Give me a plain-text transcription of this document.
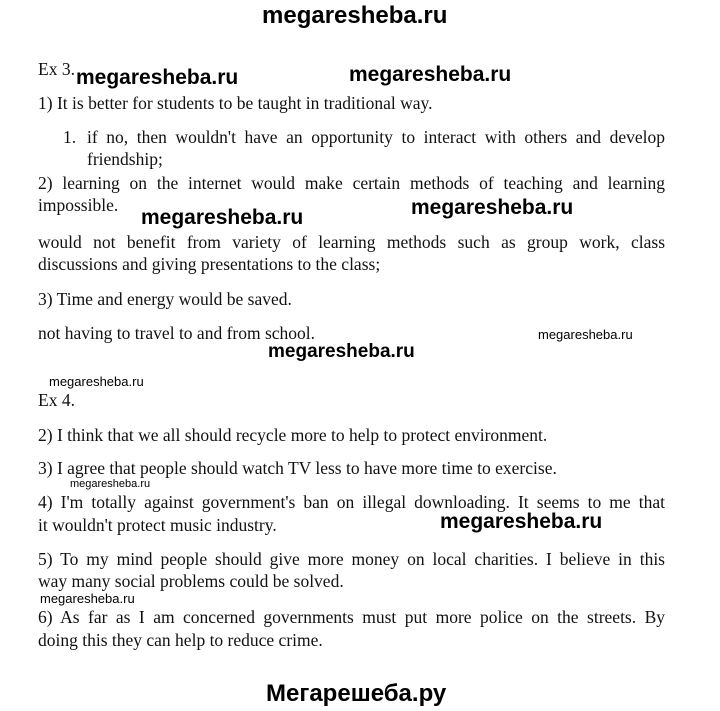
megaresheba.ru
Ex 3. megaresheba.ru	megaresheba.ru
1) It is better for students to be taught in traditional way.
1. if no, then wouldn't have an opportunity to interact with others and develop
friendship;
2) learning on the internet would make certain methods of teaching and learning
impossible.
megaresheba.ru	megaresheba.ru
would not benefit from variety of learning methods such as group work, class
discussions and giving presentations to the class;
3) Time and energy would be saved.
not having to travel to and from school.	megaresheba.ru
megaresheba.ru
megaresheba.ru
Ex 4.
2) I think that we all should recycle more to help to protect environment.
3) I agree that people should watch TV less to have more time to exercise.
megaresheba.ru
4) I'm totally against government's ban on illegal downloading. It seems to me that
it wouldn't protect music industry.	megaresheba.ru
5) To my mind people should give more money on local charities. I believe in this
way many social problems could be solved.
megaresheba.ru
6) As far as I am concerned governments must put more police on the streets. By
doing this they can help to reduce crime.
Мегарешеба.ру
